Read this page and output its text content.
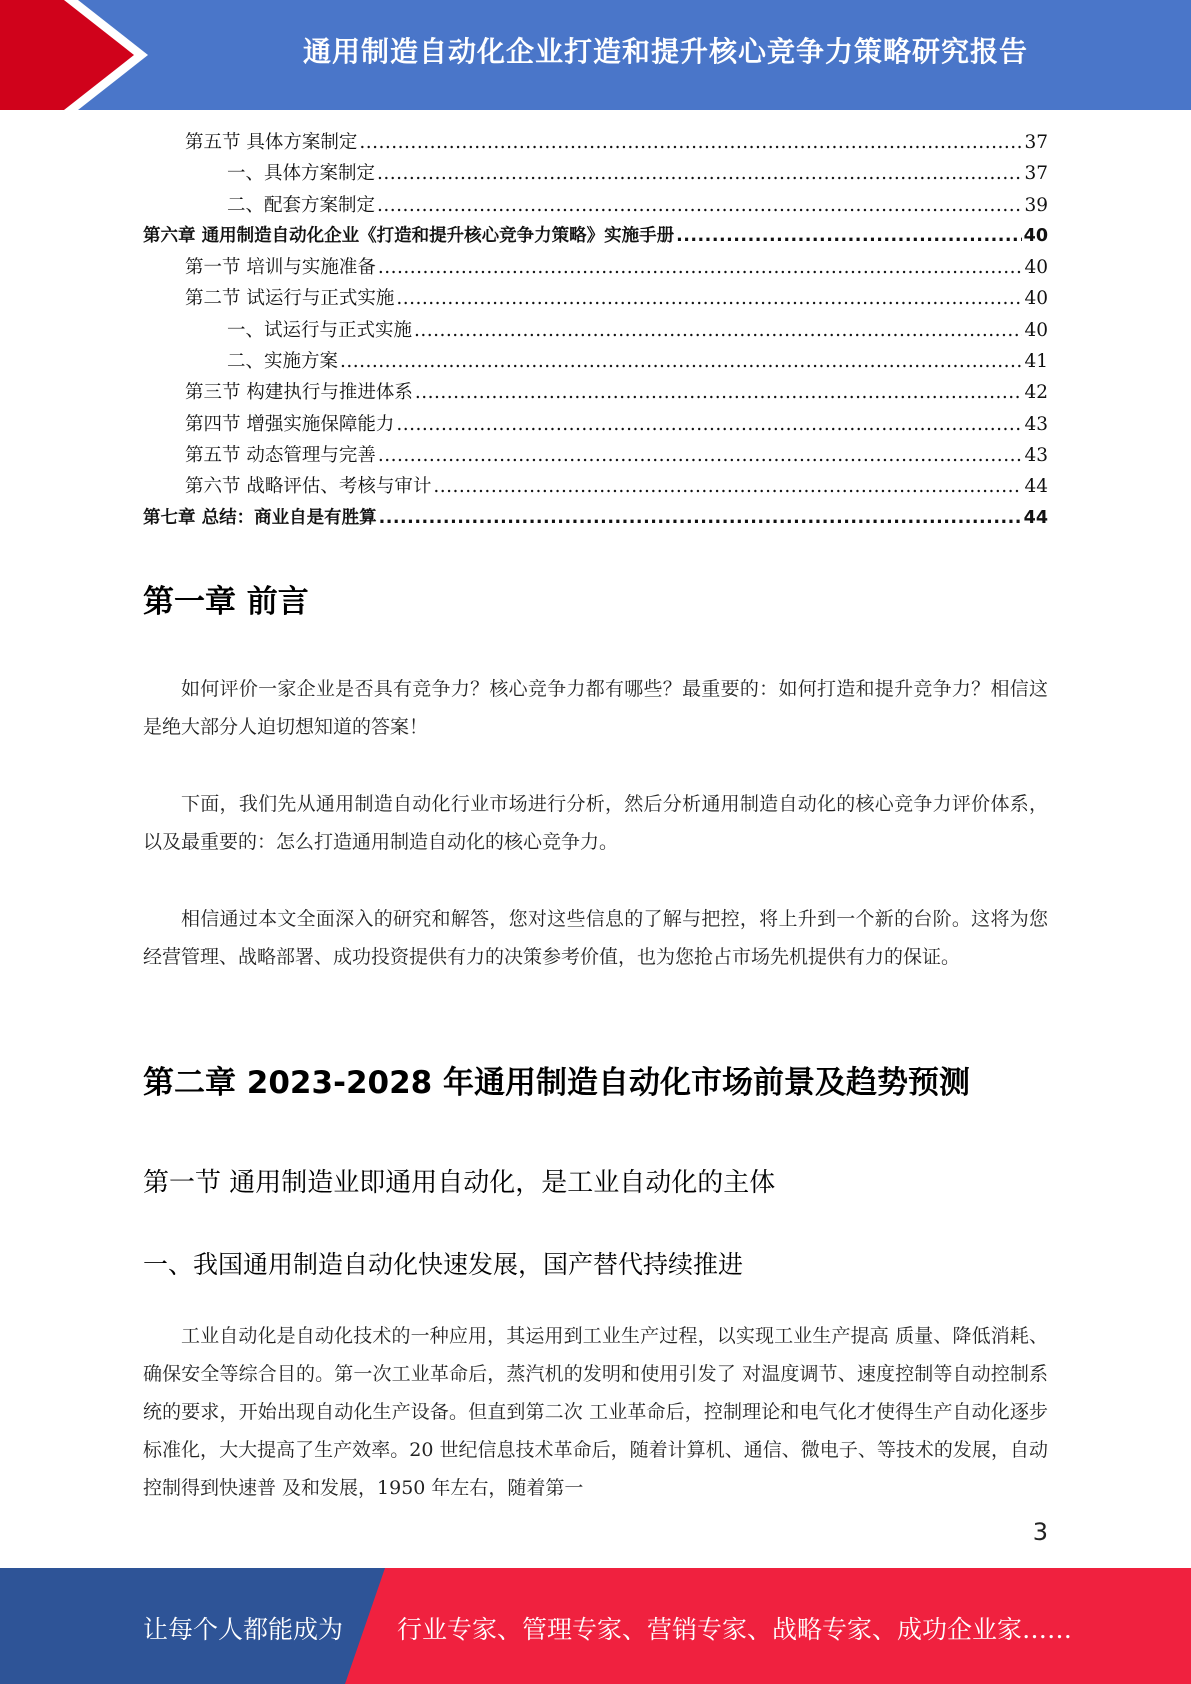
通用制造自动化企业打造和提升核心竞争力策略研究报告
第五节 具体方案制定 .....	37
一、具体方案制定 .....	37
二、配套方案制定 .....	39
第六章 通用制造自动化企业《打造和提升核心竞争力策略》实施手册 .....	40
第一节 培训与实施准备 .....	40
第二节 试运行与正式实施 .....	40
一、试运行与正式实施 .....	40
二、实施方案 .....	41
第三节 构建执行与推进体系 .....	42
第四节 增强实施保障能力 .....	43
第五节 动态管理与完善 .....	43
第六节 战略评估、考核与审计 .....	44
第七章 总结：商业自是有胜算 .....	44
第一章 前言
如何评价一家企业是否具有竞争力？核心竞争力都有哪些？最重要的：如何打造和提升竞争力？相信这是绝大部分人迫切想知道的答案！
下面，我们先从通用制造自动化行业市场进行分析，然后分析通用制造自动化的核心竞争力评价体系，以及最重要的：怎么打造通用制造自动化的核心竞争力。
相信通过本文全面深入的研究和解答，您对这些信息的了解与把控，将上升到一个新的台阶。这将为您经营管理、战略部署、成功投资提供有力的决策参考价值，也为您抢占市场先机提供有力的保证。
第二章 2023-2028 年通用制造自动化市场前景及趋势预测
第一节 通用制造业即通用自动化，是工业自动化的主体
一、我国通用制造自动化快速发展，国产替代持续推进
工业自动化是自动化技术的一种应用，其运用到工业生产过程，以实现工业生产提高 质量、降低消耗、确保安全等综合目的。第一次工业革命后，蒸汽机的发明和使用引发了 对温度调节、速度控制等自动控制系统的要求，开始出现自动化生产设备。但直到第二次 工业革命后，控制理论和电气化才使得生产自动化逐步标准化，大大提高了生产效率。20 世纪信息技术革命后，随着计算机、通信、微电子、等技术的发展，自动控制得到快速普 及和发展，1950 年左右，随着第一
3
让每个人都能成为 行业专家、管理专家、营销专家、战略专家、成功企业家……
